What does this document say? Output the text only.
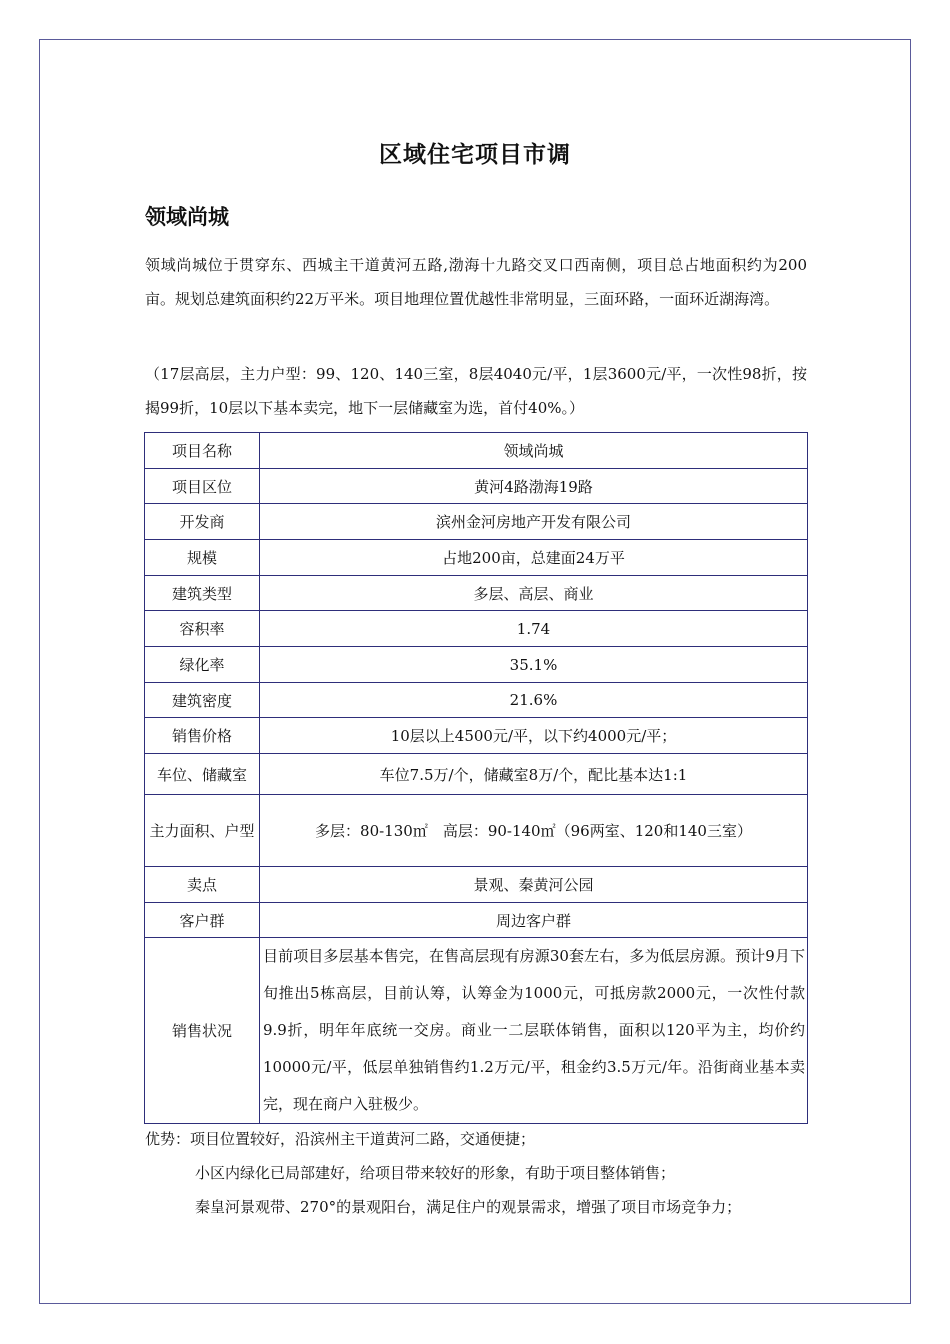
区域住宅项目市调
领域尚城
领域尚城位于贯穿东、西城主干道黄河五路,渤海十九路交叉口西南侧，项目总占地面积约为200亩。规划总建筑面积约22万平米。项目地理位置优越性非常明显，三面环路，一面环近湖海湾。
（17层高层，主力户型：99、120、140三室，8层4040元/平，1层3600元/平，一次性98折，按揭99折，10层以下基本卖完，地下一层储藏室为选，首付40%。）
项目名称	领域尚城
项目区位	黄河4路渤海19路
开发商	滨州金河房地产开发有限公司
规模	占地200亩，总建面24万平
建筑类型	多层、高层、商业
容积率	1.74
绿化率	35.1%
建筑密度	21.6%
销售价格	10层以上4500元/平，以下约4000元/平；
车位、储藏室	车位7.5万/个，储藏室8万/个，配比基本达1:1
主力面积、户型	多层：80-130㎡　高层：90-140㎡（96两室、120和140三室）
卖点	景观、秦黄河公园
客户群	周边客户群
销售状况	目前项目多层基本售完，在售高层现有房源30套左右，多为低层房源。预计9月下旬推出5栋高层，目前认筹，认筹金为1000元，可抵房款2000元，一次性付款9.9折，明年年底统一交房。商业一二层联体销售，面积以120平为主，均价约10000元/平，低层单独销售约1.2万元/平，租金约3.5万元/年。沿街商业基本卖完，现在商户入驻极少。
优势：项目位置较好，沿滨州主干道黄河二路，交通便捷；
小区内绿化已局部建好，给项目带来较好的形象，有助于项目整体销售；
秦皇河景观带、270°的景观阳台，满足住户的观景需求，增强了项目市场竞争力；
